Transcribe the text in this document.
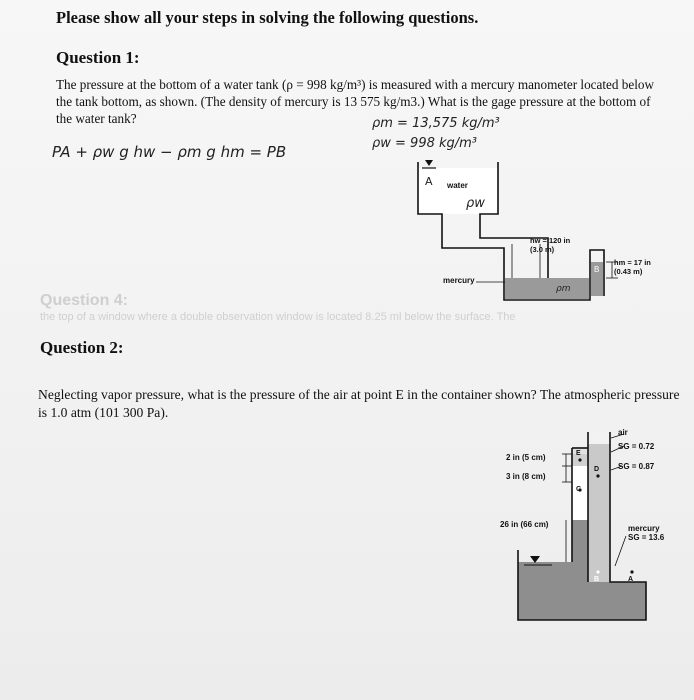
Please show all your steps in solving the following questions.
Question 1:
The pressure at the bottom of a water tank (ρ = 998 kg/m³) is measured with a mercury manometer located below the tank bottom, as shown. (The density of mercury is 13 575 kg/m3.) What is the gage pressure at the bottom of the water tank?	ρm = 13,575 kg/m³
ρw = 998 kg/m³
PA + ρw g hw − ρm g hm = PB
A water
ρw
hw = 120 in
(3.0 m)
hm = 17 in
(0.43 m)
mercury
B
ρm
Question 4:
the top of a window where a double observation window is located 8.25 ml below the surface. The
Question 2:
Neglecting vapor pressure, what is the pressure of the air at point E in the container shown? The atmospheric pressure is 1.0 atm (101 300 Pa).
air
SG = 0.72
SG = 0.87
2 in (5 cm)
3 in (8 cm)
26 in (66 cm)	mercury
SG = 13.6
E
D
C
B	A
